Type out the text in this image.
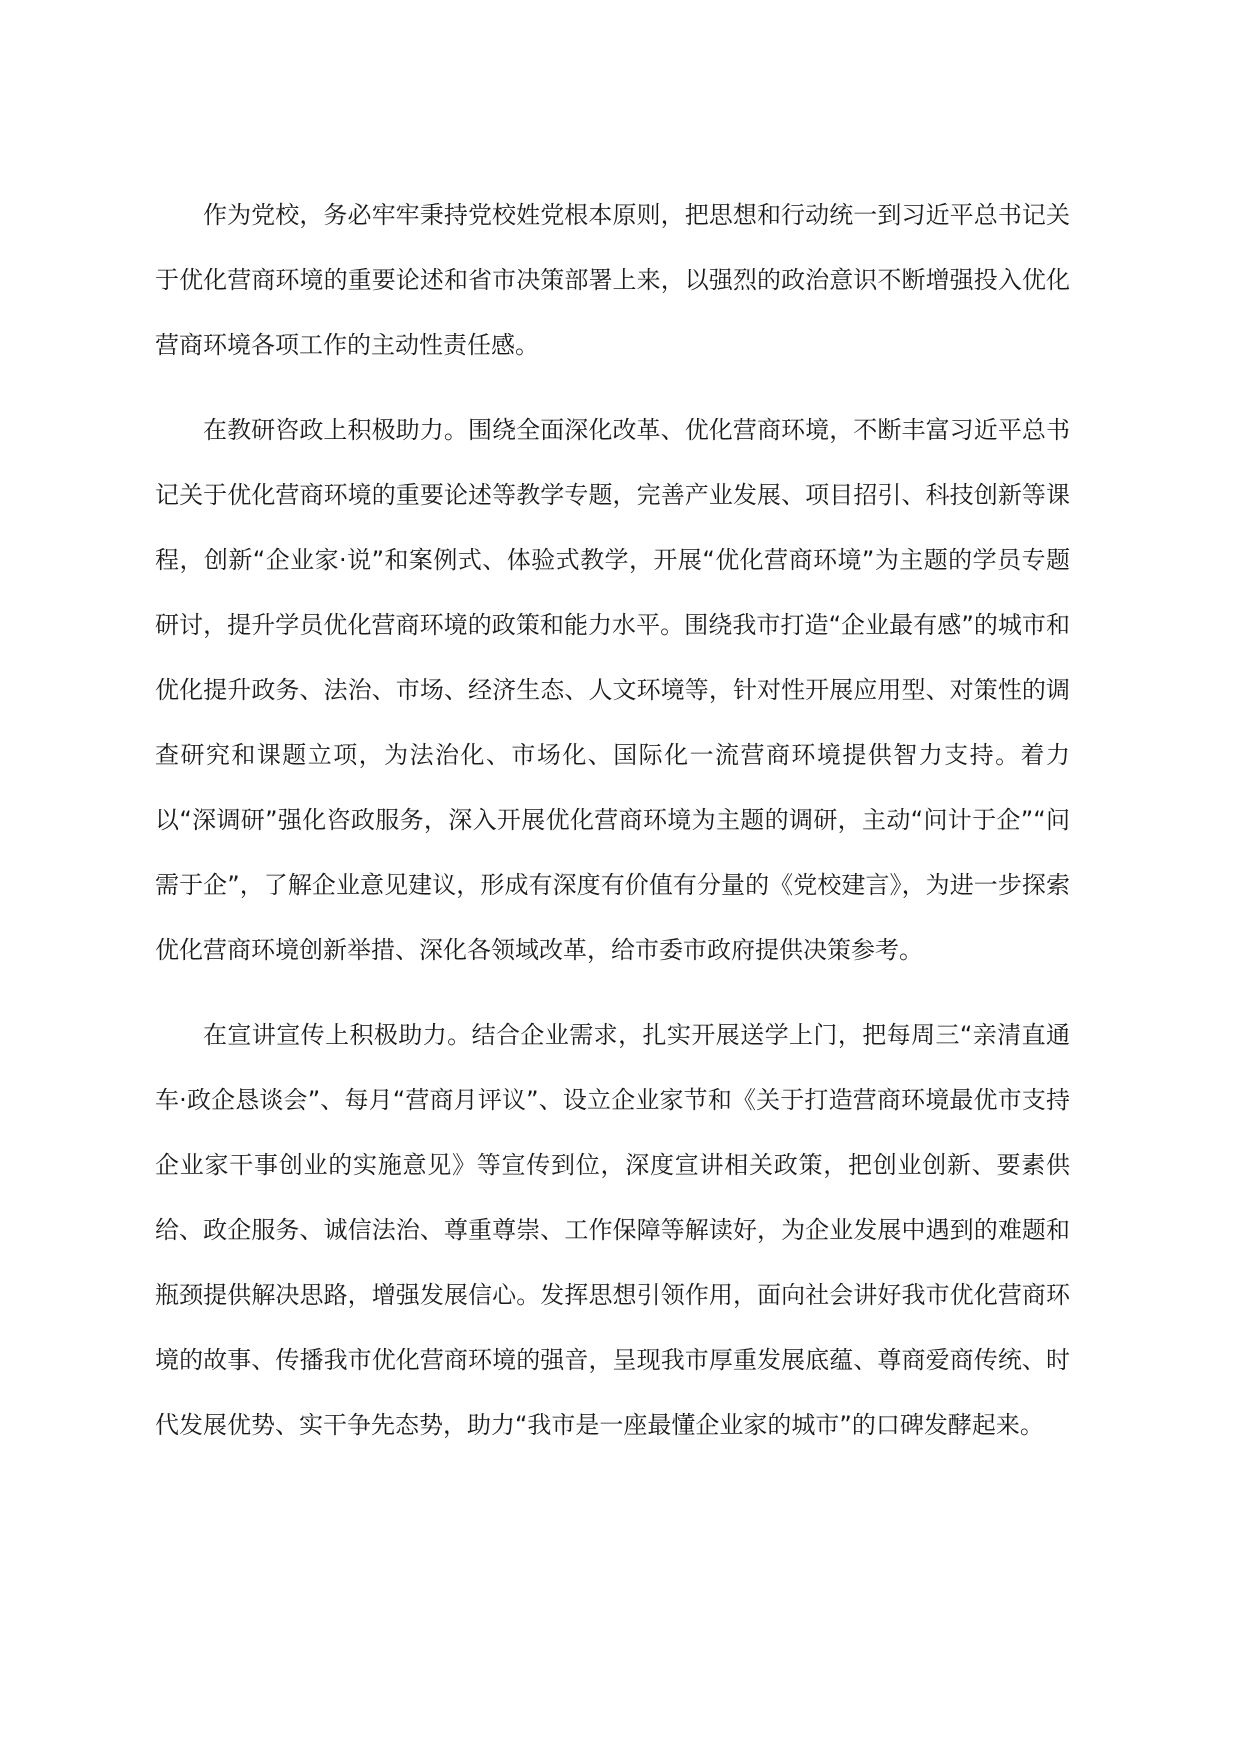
作为党校，务必牢牢秉持党校姓党根本原则，把思想和行动统一到习近平总书记关于优化营商环境的重要论述和省市决策部署上来，以强烈的政治意识不断增强投入优化营商环境各项工作的主动性责任感。

在教研咨政上积极助力。围绕全面深化改革、优化营商环境，不断丰富习近平总书记关于优化营商环境的重要论述等教学专题，完善产业发展、项目招引、科技创新等课程，创新“企业家·说”和案例式、体验式教学，开展“优化营商环境”为主题的学员专题研讨，提升学员优化营商环境的政策和能力水平。围绕我市打造“企业最有感”的城市和优化提升政务、法治、市场、经济生态、人文环境等，针对性开展应用型、对策性的调查研究和课题立项，为法治化、市场化、国际化一流营商环境提供智力支持。着力以“深调研”强化咨政服务，深入开展优化营商环境为主题的调研，主动“问计于企”“问需于企”，了解企业意见建议，形成有深度有价值有分量的《党校建言》，为进一步探索优化营商环境创新举措、深化各领域改革，给市委市政府提供决策参考。

在宣讲宣传上积极助力。结合企业需求，扎实开展送学上门，把每周三“亲清直通车·政企恳谈会”、每月“营商月评议”、设立企业家节和《关于打造营商环境最优市支持企业家干事创业的实施意见》等宣传到位，深度宣讲相关政策，把创业创新、要素供给、政企服务、诚信法治、尊重尊崇、工作保障等解读好，为企业发展中遇到的难题和瓶颈提供解决思路，增强发展信心。发挥思想引领作用，面向社会讲好我市优化营商环境的故事、传播我市优化营商环境的强音，呈现我市厚重发展底蕴、尊商爱商传统、时代发展优势、实干争先态势，助力“我市是一座最懂企业家的城市”的口碑发酵起来。
